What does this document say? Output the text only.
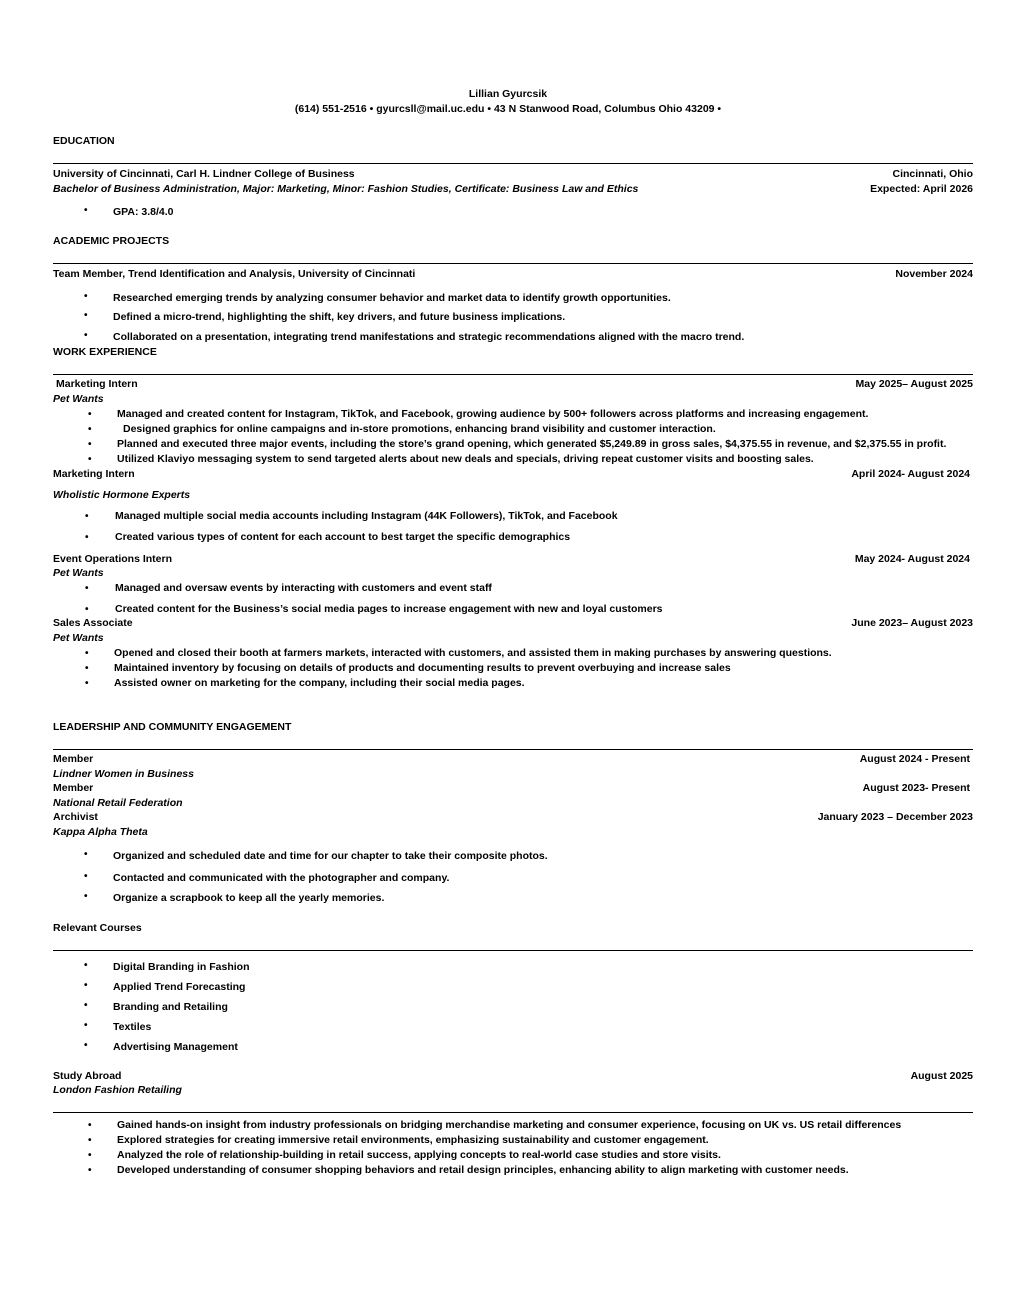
Lillian Gyurcsik
(614) 551-2516 • gyurcsll@mail.uc.edu • 43 N Stanwood Road, Columbus Ohio 43209 •
EDUCATION
University of Cincinnati, Carl H. Lindner College of Business	Cincinnati, Ohio
Bachelor of Business Administration, Major: Marketing, Minor: Fashion Studies, Certificate: Business Law and Ethics	Expected: April 2026
• GPA: 3.8/4.0
ACADEMIC PROJECTS
Team Member, Trend Identification and Analysis, University of Cincinnati	November 2024
• Researched emerging trends by analyzing consumer behavior and market data to identify growth opportunities.
• Defined a micro-trend, highlighting the shift, key drivers, and future business implications.
• Collaborated on a presentation, integrating trend manifestations and strategic recommendations aligned with the macro trend.
WORK EXPERIENCE
Marketing Intern	May 2025– August 2025
Pet Wants
• Managed and created content for Instagram, TikTok, and Facebook, growing audience by 500+ followers across platforms and increasing engagement.
•	Designed graphics for online campaigns and in-store promotions, enhancing brand visibility and customer interaction.
• Planned and executed three major events, including the store’s grand opening, which generated $5,249.89 in gross sales, $4,375.55 in revenue, and $2,375.55 in profit.
• Utilized Klaviyo messaging system to send targeted alerts about new deals and specials, driving repeat customer visits and boosting sales.
Marketing Intern	April 2024- August 2024
Wholistic Hormone Experts
•	Managed multiple social media accounts including Instagram (44K Followers), TikTok, and Facebook
•	Created various types of content for each account to best target the specific demographics
Event Operations Intern	May 2024- August 2024
Pet Wants
•	Managed and oversaw events by interacting with customers and event staff
•	Created content for the Business’s social media pages to increase engagement with new and loyal customers
Sales Associate	June 2023– August 2023
Pet Wants
• Opened and closed their booth at farmers markets, interacted with customers, and assisted them in making purchases by answering questions.
• Maintained inventory by focusing on details of products and documenting results to prevent overbuying and increase sales
• Assisted owner on marketing for the company, including their social media pages.
LEADERSHIP AND COMMUNITY ENGAGEMENT
Member	August 2024 - Present
Lindner Women in Business
Member	August 2023- Present
National Retail Federation
Archivist	January 2023 – December 2023
Kappa Alpha Theta
• Organized and scheduled date and time for our chapter to take their composite photos.
• Contacted and communicated with the photographer and company.
• Organize a scrapbook to keep all the yearly memories.
Relevant Courses
• Digital Branding in Fashion
• Applied Trend Forecasting
• Branding and Retailing
• Textiles
• Advertising Management
Study Abroad	August 2025
London Fashion Retailing
• Gained hands-on insight from industry professionals on bridging merchandise marketing and consumer experience, focusing on UK vs. US retail differences
• Explored strategies for creating immersive retail environments, emphasizing sustainability and customer engagement.
• Analyzed the role of relationship-building in retail success, applying concepts to real-world case studies and store visits.
• Developed understanding of consumer shopping behaviors and retail design principles, enhancing ability to align marketing with customer needs.
